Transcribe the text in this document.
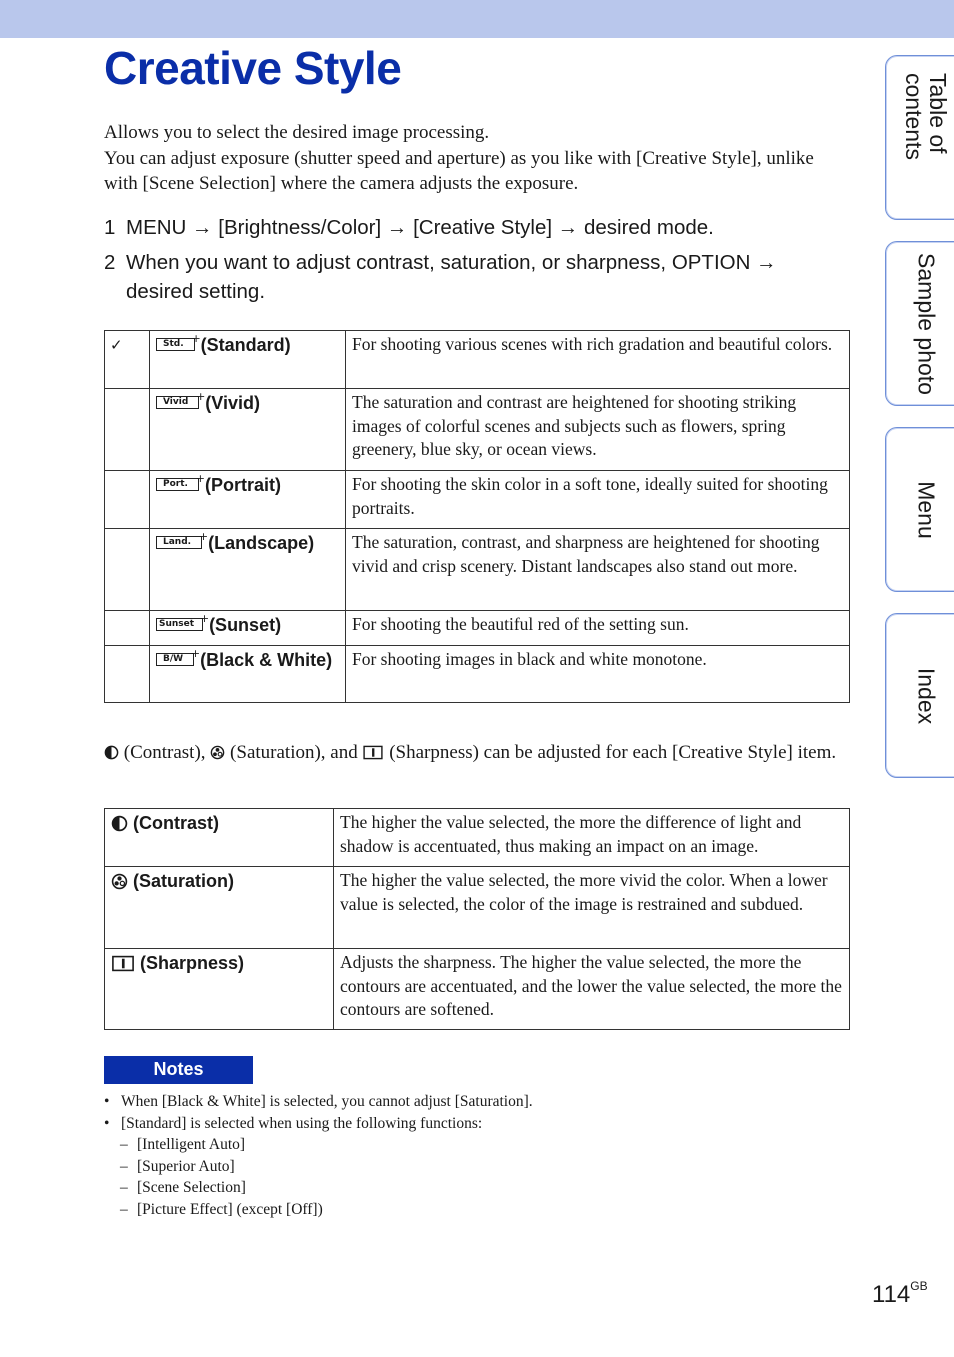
Creative Style

Allows you to select the desired image processing.

You can adjust exposure (shutter speed and aperture) as you like with [Creative Style], unlike with [Scene Selection] where the camera adjusts the exposure.

1 MENU → [Brightness/Color] → [Creative Style] → desired mode.
2 When you want to adjust contrast, saturation, or sharpness, OPTION → desired setting.
✓	Std. + (Standard)	For shooting various scenes with rich gradation and beautiful colors.
	Vivid + (Vivid)	The saturation and contrast are heightened for shooting striking images of colorful scenes and subjects such as flowers, spring greenery, blue sky, or ocean views.
	Port. + (Portrait)	For shooting the skin color in a soft tone, ideally suited for shooting portraits.
	Land. + (Landscape)	The saturation, contrast, and sharpness are heightened for shooting vivid and crisp scenery. Distant landscapes also stand out more.
	Sunset + (Sunset)	For shooting the beautiful red of the setting sun.
	B/W + (Black & White)	For shooting images in black and white monotone.
(Contrast), (Saturation), and (Sharpness) can be adjusted for each [Creative Style] item.
(Contrast)	The higher the value selected, the more the difference of light and shadow is accentuated, thus making an impact on an image.
(Saturation)	The higher the value selected, the more vivid the color. When a lower value is selected, the color of the image is restrained and subdued.
(Sharpness)	Adjusts the sharpness. The higher the value selected, the more the contours are accentuated, and the lower the value selected, the more the contours are softened.
Notes
• When [Black & White] is selected, you cannot adjust [Saturation].
• [Standard] is selected when using the following functions:
– [Intelligent Auto]
– [Superior Auto]
– [Scene Selection]
– [Picture Effect] (except [Off])
Table of contents
Sample photo
Menu
Index
$114^{GB}$
